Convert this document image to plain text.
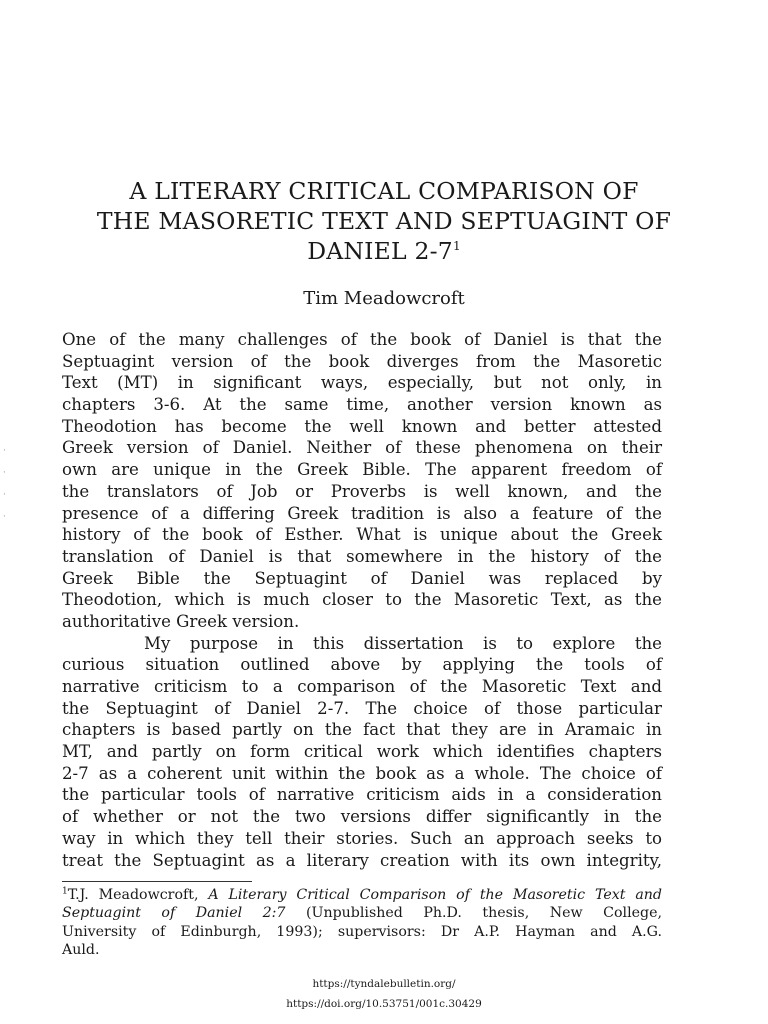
A LITERARY CRITICAL COMPARISON OF
THE MASORETIC TEXT AND SEPTUAGINT OF
DANIEL $2-7^1$
Tim Meadowcroft
·
·
·
·
One of the many challenges of the book of Daniel is that the
Septuagint version of the book diverges from the Masoretic
Text (MT) in significant ways, especially, but not only, in
chapters 3-6. At the same time, another version known as
Theodotion has become the well known and better attested
Greek version of Daniel. Neither of these phenomena on their
own are unique in the Greek Bible. The apparent freedom of
the translators of Job or Proverbs is well known, and the
presence of a differing Greek tradition is also a feature of the
history of the book of Esther. What is unique about the Greek
translation of Daniel is that somewhere in the history of the
Greek Bible the Septuagint of Daniel was replaced by
Theodotion, which is much closer to the Masoretic Text, as the
authoritative Greek version.
My purpose in this dissertation is to explore the
curious situation outlined above by applying the tools of
narrative criticism to a comparison of the Masoretic Text and
the Septuagint of Daniel 2-7. The choice of those particular
chapters is based partly on the fact that they are in Aramaic in
MT, and partly on form critical work which identifies chapters
2-7 as a coherent unit within the book as a whole. The choice of
the particular tools of narrative criticism aids in a consideration
of whether or not the two versions differ significantly in the
way in which they tell their stories. Such an approach seeks to
treat the Septuagint as a literary creation with its own integrity,
$^1$T.J. Meadowcroft, A Literary Critical Comparison of the Masoretic Text and
Septuagint of Daniel 2:7 (Unpublished Ph.D. thesis, New College,
University of Edinburgh, 1993); supervisors: Dr A.P. Hayman and A.G.
Auld.
https://tyndalebulletin.org/
https://doi.org/10.53751/001c.30429
